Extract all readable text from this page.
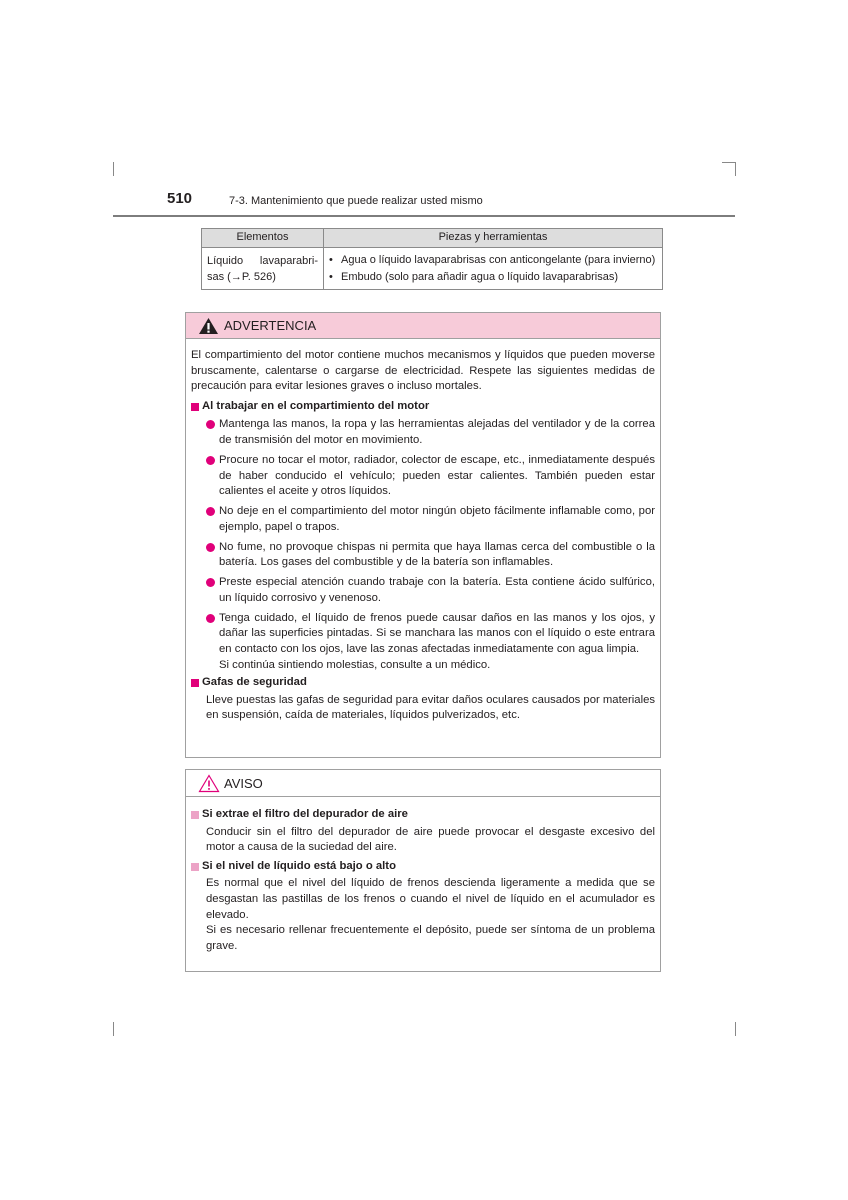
510	7-3. Mantenimiento que puede realizar usted mismo
Elementos	Piezas y herramientas
Líquido lavaparabri-sas (→P. 526)	• Agua o líquido lavaparabrisas con anticongelante (para invierno)
• Embudo (solo para añadir agua o líquido lavaparabrisas)
ADVERTENCIA
El compartimiento del motor contiene muchos mecanismos y líquidos que pueden moverse bruscamente, calentarse o cargarse de electricidad. Respete las siguientes medidas de precaución para evitar lesiones graves o incluso mortales.
Al trabajar en el compartimiento del motor
Mantenga las manos, la ropa y las herramientas alejadas del ventilador y de la correa de transmisión del motor en movimiento.
Procure no tocar el motor, radiador, colector de escape, etc., inmediatamente después de haber conducido el vehículo; pueden estar calientes. También pueden estar calientes el aceite y otros líquidos.
No deje en el compartimiento del motor ningún objeto fácilmente inflamable como, por ejemplo, papel o trapos.
No fume, no provoque chispas ni permita que haya llamas cerca del combustible o la batería. Los gases del combustible y de la batería son inflamables.
Preste especial atención cuando trabaje con la batería. Esta contiene ácido sulfúrico, un líquido corrosivo y venenoso.
Tenga cuidado, el líquido de frenos puede causar daños en las manos y los ojos, y dañar las superficies pintadas. Si se manchara las manos con el líquido o este entrara en contacto con los ojos, lave las zonas afectadas inmediatamente con agua limpia.
Si continúa sintiendo molestias, consulte a un médico.
Gafas de seguridad
Lleve puestas las gafas de seguridad para evitar daños oculares causados por materiales en suspensión, caída de materiales, líquidos pulverizados, etc.
AVISO
Si extrae el filtro del depurador de aire
Conducir sin el filtro del depurador de aire puede provocar el desgaste excesivo del motor a causa de la suciedad del aire.
Si el nivel de líquido está bajo o alto
Es normal que el nivel del líquido de frenos descienda ligeramente a medida que se desgastan las pastillas de los frenos o cuando el nivel de líquido en el acumulador es elevado.
Si es necesario rellenar frecuentemente el depósito, puede ser síntoma de un problema grave.
